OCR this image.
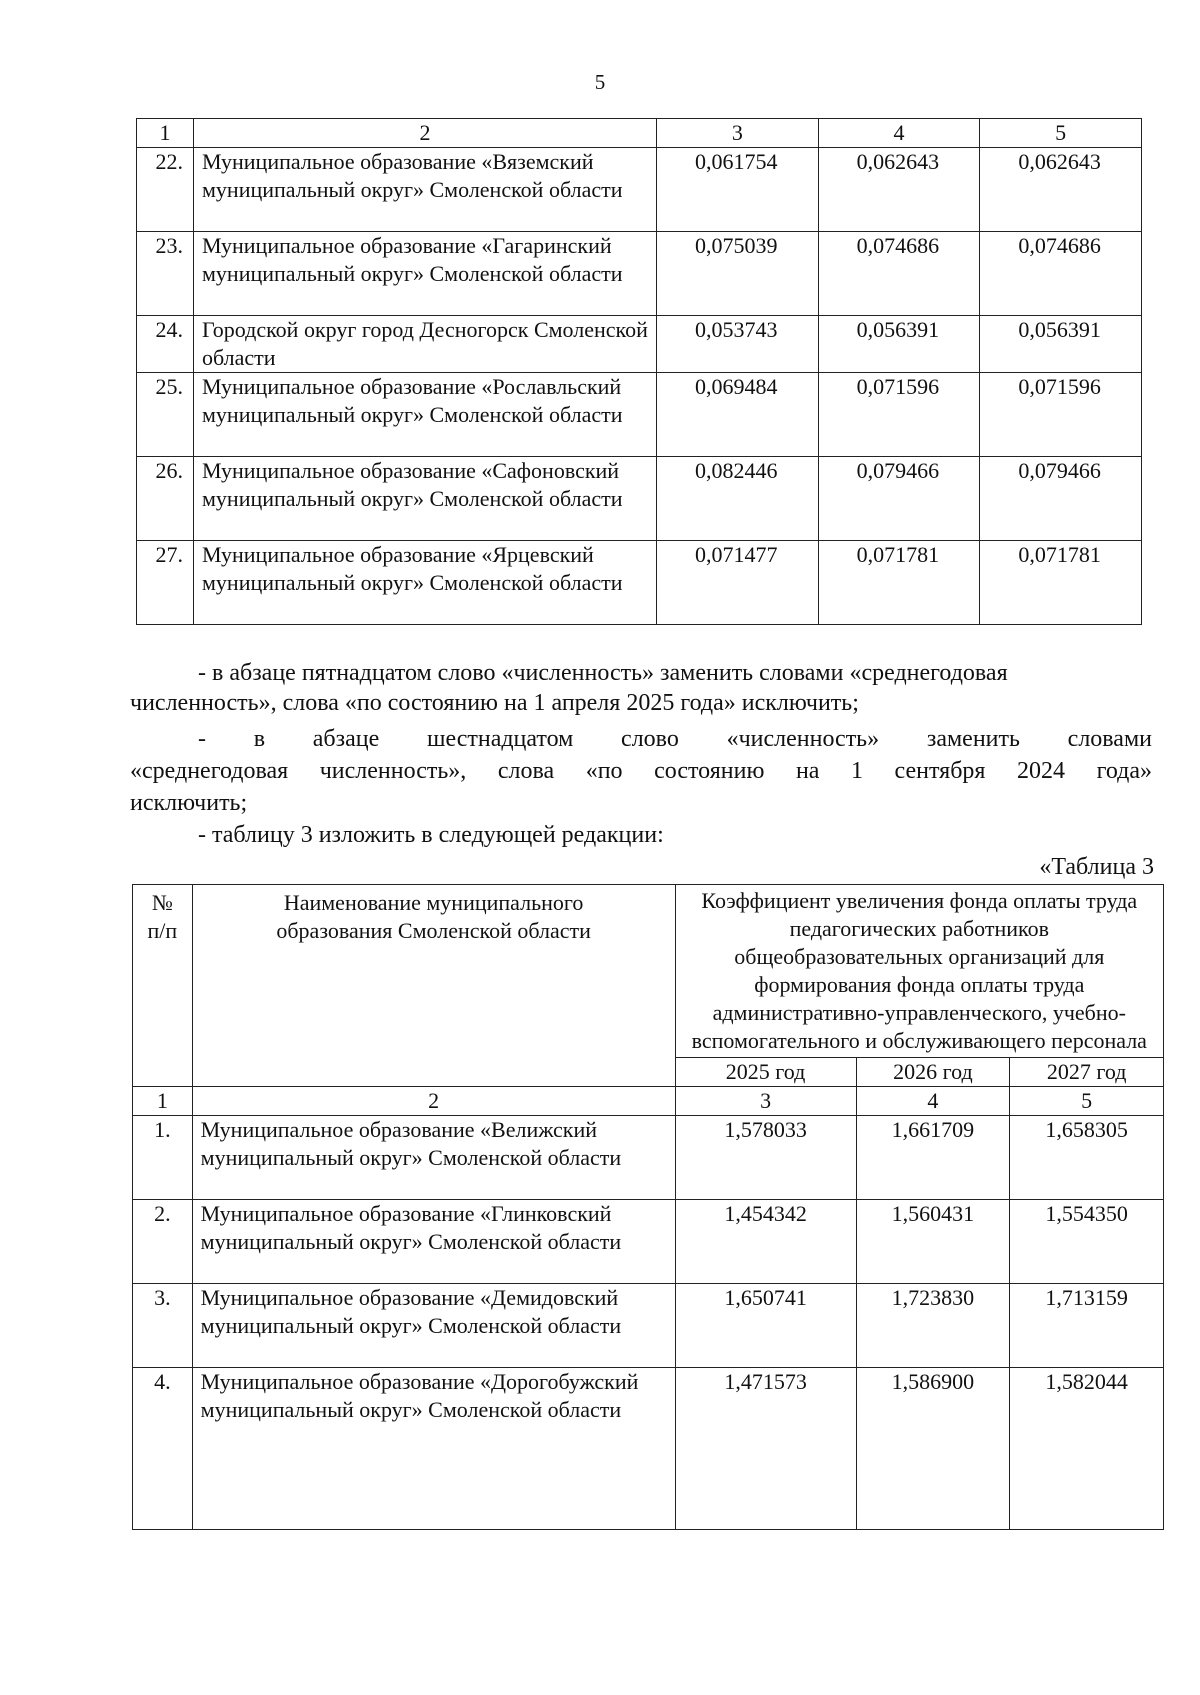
5
1	2	3	4	5
22.	Муниципальное образование «Вяземский муниципальный округ» Смоленской области	0,061754	0,062643	0,062643
23.	Муниципальное образование «Гагаринский муниципальный округ» Смоленской области	0,075039	0,074686	0,074686
24.	Городской округ город Десногорск Смоленской области	0,053743	0,056391	0,056391
25.	Муниципальное образование «Рославльский муниципальный округ» Смоленской области	0,069484	0,071596	0,071596
26.	Муниципальное образование «Сафоновский муниципальный округ» Смоленской области	0,082446	0,079466	0,079466
27.	Муниципальное образование «Ярцевский муниципальный округ» Смоленской области	0,071477	0,071781	0,071781
- в абзаце пятнадцатом слово «численность» заменить словами «среднегодовая
численность», слова «по состоянию на 1 апреля 2025 года» исключить;
- в абзаце шестнадцатом слово «численность» заменить словами
«среднегодовая численность», слова «по состоянию на 1 сентября 2024 года»
исключить;
- таблицу 3 изложить в следующей редакции:
«Таблица 3
№ п/п	Наименование муниципального образования Смоленской области	Коэффициент увеличения фонда оплаты труда педагогических работников общеобразовательных организаций для формирования фонда оплаты труда административно-управленческого, учебно-вспомогательного и обслуживающего персонала		
		2025 год	2026 год	2027 год
1	2	3	4	5
1.	Муниципальное образование «Велижский муниципальный округ» Смоленской области	1,578033	1,661709	1,658305
2.	Муниципальное образование «Глинковский муниципальный округ» Смоленской области	1,454342	1,560431	1,554350
3.	Муниципальное образование «Демидовский муниципальный округ» Смоленской области	1,650741	1,723830	1,713159
4.	Муниципальное образование «Дорогобужский муниципальный округ» Смоленской области	1,471573	1,586900	1,582044
